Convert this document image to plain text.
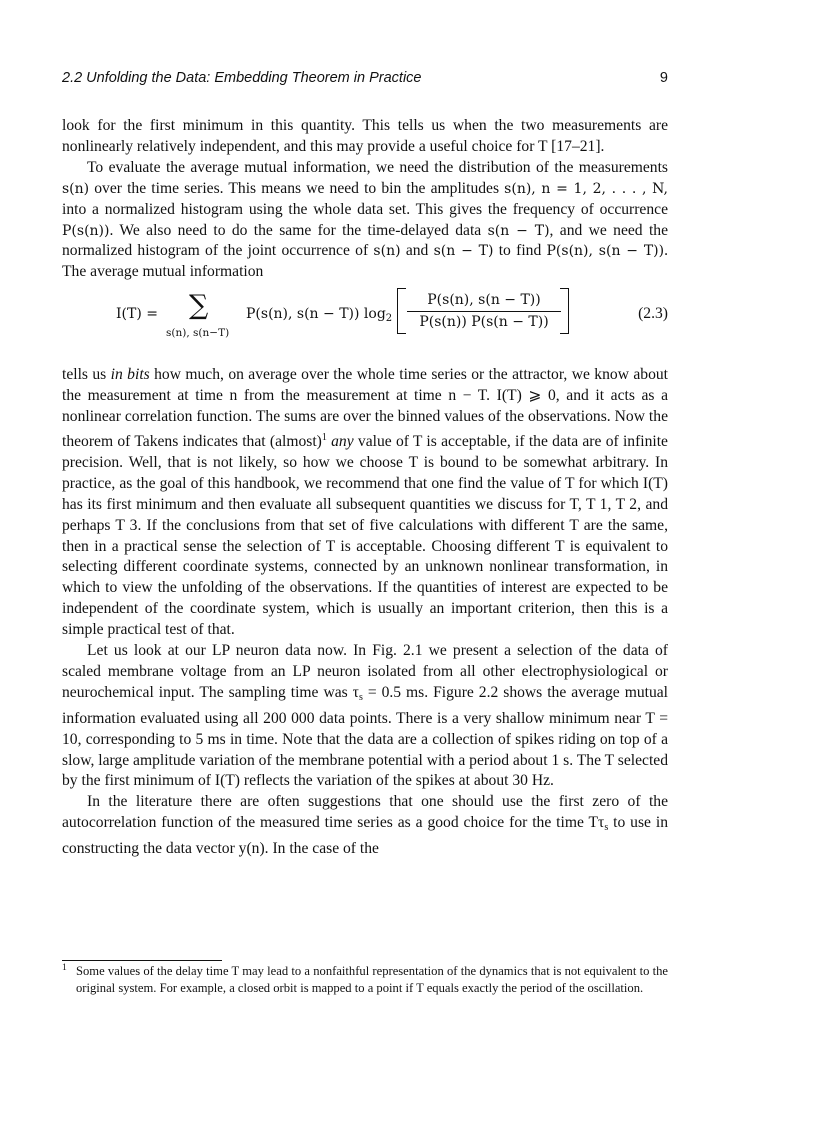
2.2 Unfolding the Data: Embedding Theorem in Practice	9

look for the first minimum in this quantity. This tells us when the two measurements are nonlinearly relatively independent, and this may provide a useful choice for T [17–21].

To evaluate the average mutual information, we need the distribution of the measurements s(n) over the time series. This means we need to bin the amplitudes s(n), n = 1, 2, . . . , N, into a normalized histogram using the whole data set. This gives the frequency of occurrence P(s(n)). We also need to do the same for the time-delayed data s(n − T), and we need the normalized histogram of the joint occurrence of s(n) and s(n − T) to find P(s(n), s(n − T)). The average mutual information

I(T) = ∑
s(n), s(n−T)
P(s(n), s(n − T)) $\log_2$
P(s(n), s(n − T))
P(s(n)) P(s(n − T))	(2.3)

tells us in bits how much, on average over the whole time series or the attractor, we know about the measurement at time n from the measurement at time n − T. I(T) ⩾ 0, and it acts as a nonlinear correlation function. The sums are over the binned values of the observations. Now the theorem of Takens indicates that (almost)$^1$ any value of T is acceptable, if the data are of infinite precision. Well, that is not likely, so how we choose T is bound to be somewhat arbitrary. In practice, as the goal of this handbook, we recommend that one find the value of T for which I(T) has its first minimum and then evaluate all subsequent quantities we discuss for T, T 1, T 2, and perhaps T 3. If the conclusions from that set of five calculations with different T are the same, then in a practical sense the selection of T is acceptable. Choosing different T is equivalent to selecting different coordinate systems, connected by an unknown nonlinear transformation, in which to view the unfolding of the observations. If the quantities of interest are expected to be independent of the coordinate system, which is usually an important criterion, then this is a simple practical test of that.

Let us look at our LP neuron data now. In Fig. 2.1 we present a selection of the data of scaled membrane voltage from an LP neuron isolated from all other electrophysiological or neurochemical input. The sampling time was $\tau_s = 0.5$ ms. Figure 2.2 shows the average mutual information evaluated using all 200 000 data points. There is a very shallow minimum near T = 10, corresponding to 5 ms in time. Note that the data are a collection of spikes riding on top of a slow, large amplitude variation of the membrane potential with a period about 1 s. The T selected by the first minimum of I(T) reflects the variation of the spikes at about 30 Hz.

In the literature there are often suggestions that one should use the first zero of the autocorrelation function of the measured time series as a good choice for the time $T\tau_s$ to use in constructing the data vector y(n). In the case of the

1 Some values of the delay time T may lead to a nonfaithful representation of the dynamics that is not equivalent to the original system. For example, a closed orbit is mapped to a point if T equals exactly the period of the oscillation.
